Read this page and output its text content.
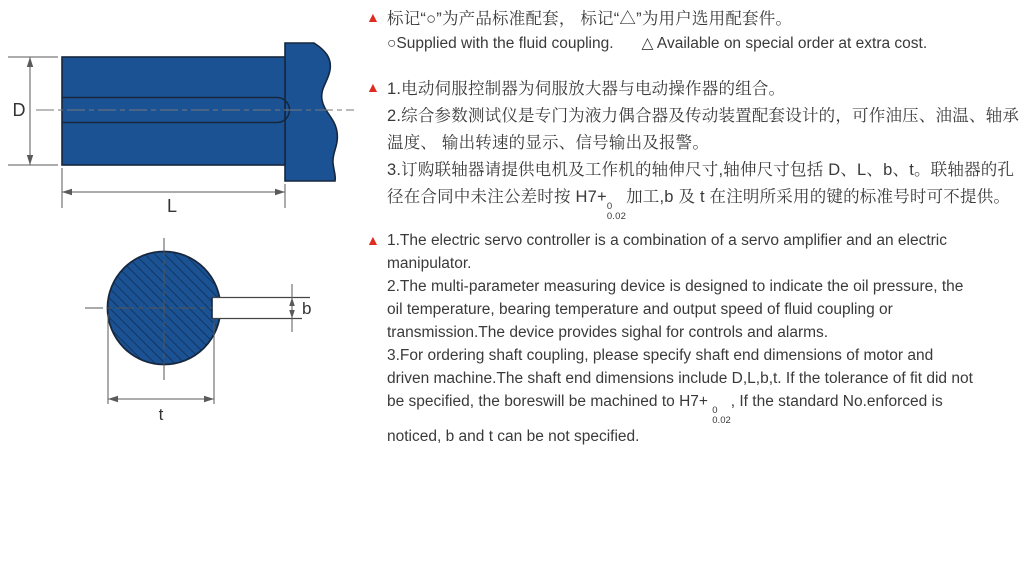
D
L
b
t
▲ 标记“○”为产品标准配套， 标记“△”为用户选用配套件。
○Supplied with the fluid coupling. △ Available on special order at extra cost.
▲ 1.电动伺服控制器为伺服放大器与电动操作器的组合。
2.综合参数测试仪是专门为液力偶合器及传动装置配套设计的，可作油压、油温、轴承
温度、 输出转速的显示、信号输出及报警。
3.订购联轴器请提供电机及工作机的轴伸尺寸,轴伸尺寸包括 D、L、b、t。联轴器的孔
径在合同中未注公差时按 H7+
0
0.02
加工,b 及 t 在注明所采用的键的标准号时可不提供。
▲ 1.The electric servo controller is a combination of a servo amplifier and an electric
manipulator.
2.The multi-parameter measuring device is designed to indicate the oil pressure, the
oil temperature, bearing temperature and output speed of fluid coupling or
transmission.The device provides sighal for controls and alarms.
3.For ordering shaft coupling, please specify shaft end dimensions of motor and
driven machine.The shaft end dimensions include D,L,b,t. If the tolerance of fit did not
be specified, the boreswill be machined to H7+
0
0.02
, If the standard No.enforced is
noticed, b and t can be not specified.
